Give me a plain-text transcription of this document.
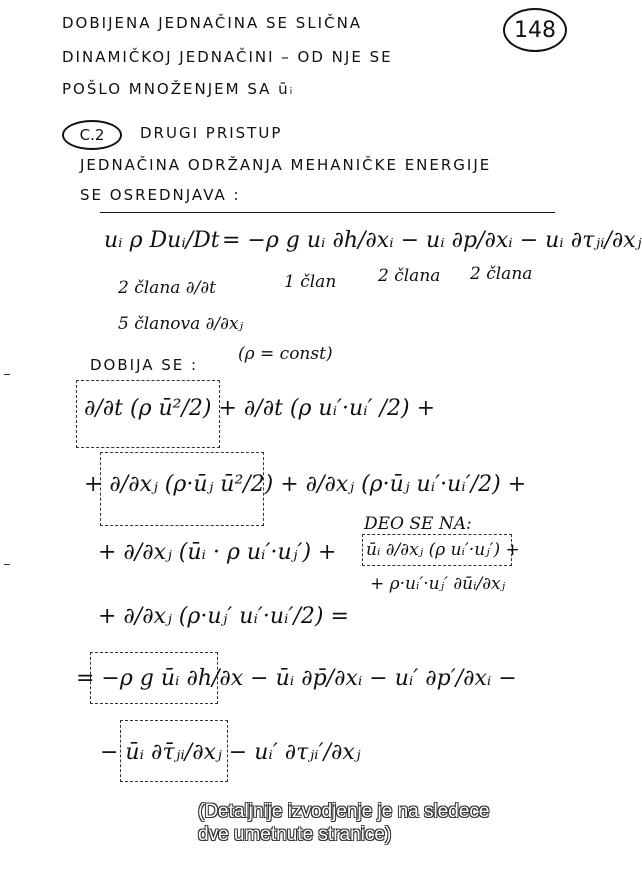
148
DOBIJENA JEDNAČINA SE SLIČNA
DINAMIČKOJ JEDNAČINI – OD NJE SE
POŠLO MNOŽENJEM SA ūᵢ
C.2 DRUGI PRISTUP
JEDNAČINA ODRŽANJA MEHANIČKE ENERGIJE
SE OSREDNJAVA :
uᵢ ρ Duᵢ/Dt = −ρ g uᵢ ∂h/∂xᵢ − uᵢ ∂p/∂xᵢ − uᵢ ∂τⱼᵢ/∂xⱼ
2 člana ∂/∂t	1 član 2 člana 2 člana
5 članova ∂/∂xⱼ
DOBIJA SE :
(ρ = const)
∂/∂t (ρ ū²/2) + ∂/∂t (ρ uᵢ′·uᵢ′ /2) +
+ ∂/∂xⱼ (ρ·ūⱼ ū²/2) + ∂/∂xⱼ (ρ·ūⱼ uᵢ′·uᵢ′/2) +
+ ∂/∂xⱼ (ūᵢ · ρ uᵢ′·uⱼ′) +
DEO SE NA:
ūᵢ ∂/∂xⱼ (ρ uᵢ′·uⱼ′) +
+ ρ·uᵢ′·uⱼ′ ∂ūᵢ/∂xⱼ
+ ∂/∂xⱼ (ρ·uⱼ′ uᵢ′·uᵢ′/2) =
= −ρ g ūᵢ ∂h/∂x − ūᵢ ∂p̄/∂xᵢ − uᵢ′ ∂p′/∂xᵢ −
− ūᵢ ∂τ̄ⱼᵢ/∂xⱼ − uᵢ′ ∂τⱼᵢ′/∂xⱼ
(Detaljnije izvodjenje je na sledece
dve umetnute stranice)
